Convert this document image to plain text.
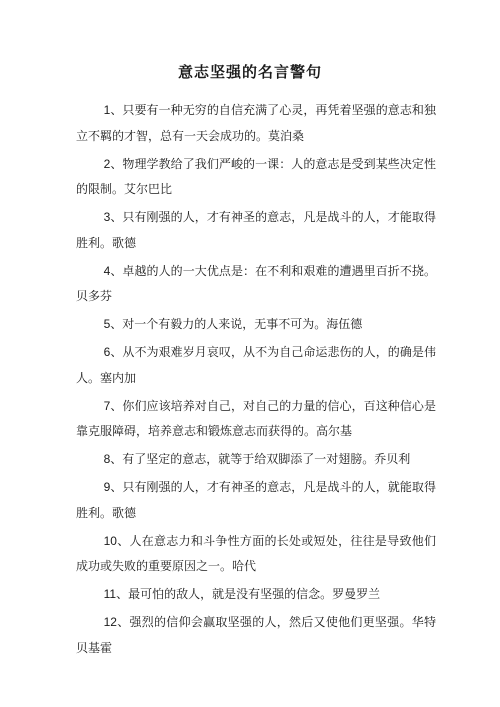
意志坚强的名言警句
1、只要有一种无穷的自信充满了心灵，再凭着坚强的意志和独立不羁的才智，总有一天会成功的。莫泊桑
2、物理学教给了我们严峻的一课：人的意志是受到某些决定性的限制。艾尔巴比
3、只有刚强的人，才有神圣的意志，凡是战斗的人，才能取得胜利。歌德
4、卓越的人的一大优点是：在不利和艰难的遭遇里百折不挠。贝多芬
5、对一个有毅力的人来说，无事不可为。海伍德
6、从不为艰难岁月哀叹，从不为自己命运悲伤的人，的确是伟人。塞内加
7、你们应该培养对自己，对自己的力量的信心，百这种信心是靠克服障碍，培养意志和锻炼意志而获得的。高尔基
8、有了坚定的意志，就等于给双脚添了一对翅膀。乔贝利
9、只有刚强的人，才有神圣的意志，凡是战斗的人，就能取得胜利。歌德
10、人在意志力和斗争性方面的长处或短处，往往是导致他们成功或失败的重要原因之一。哈代
11、最可怕的敌人，就是没有坚强的信念。罗曼罗兰
12、强烈的信仰会赢取坚强的人，然后又使他们更坚强。华特贝基霍
